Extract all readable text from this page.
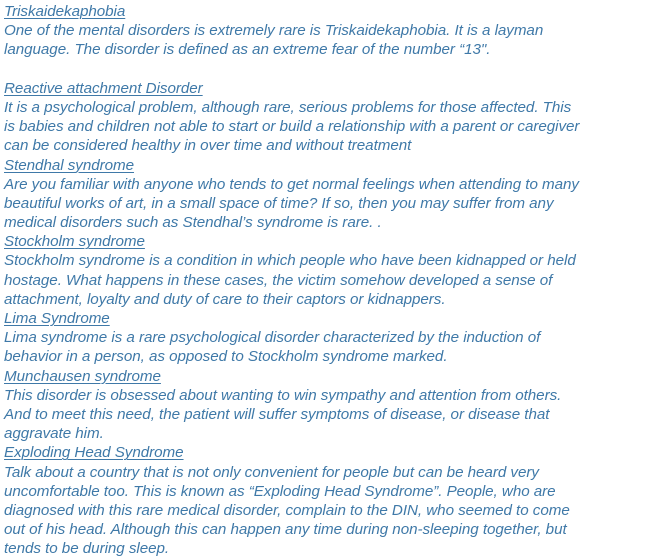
Triskaidekaphobia
One of the mental disorders is extremely rare is Triskaidekaphobia. It is a layman
language. The disorder is defined as an extreme fear of the number “13".
Reactive attachment Disorder
It is a psychological problem, although rare, serious problems for those affected. This
is babies and children not able to start or build a relationship with a parent or caregiver
can be considered healthy in over time and without treatment
Stendhal syndrome
Are you familiar with anyone who tends to get normal feelings when attending to many
beautiful works of art, in a small space of time? If so, then you may suffer from any
medical disorders such as Stendhal’s syndrome is rare. .
Stockholm syndrome
Stockholm syndrome is a condition in which people who have been kidnapped or held
hostage. What happens in these cases, the victim somehow developed a sense of
attachment, loyalty and duty of care to their captors or kidnappers.
Lima Syndrome
Lima syndrome is a rare psychological disorder characterized by the induction of
behavior in a person, as opposed to Stockholm syndrome marked.
Munchausen syndrome
This disorder is obsessed about wanting to win sympathy and attention from others.
And to meet this need, the patient will suffer symptoms of disease, or disease that
aggravate him.
Exploding Head Syndrome
Talk about a country that is not only convenient for people but can be heard very
uncomfortable too. This is known as “Exploding Head Syndrome”. People, who are
diagnosed with this rare medical disorder, complain to the DIN, who seemed to come
out of his head. Although this can happen any time during non-sleeping together, but
tends to be during sleep.
